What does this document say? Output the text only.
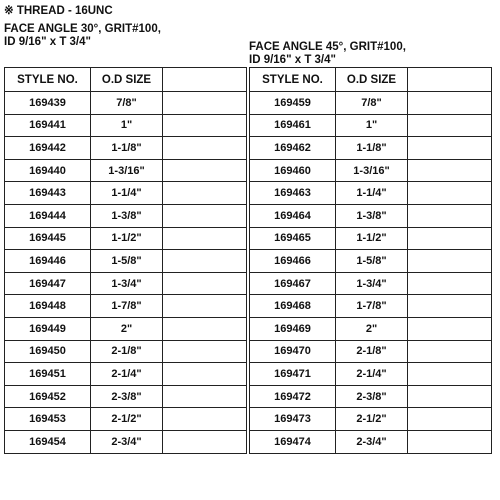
※ THREAD - 16UNC
FACE ANGLE 30°, GRIT#100,
ID 9/16" x T 3/4"	FACE ANGLE 45°, GRIT#100,
ID 9/16" x T 3/4"
STYLE NO.	O.D SIZE	
169439	7/8"	
169441	1"	
169442	1-1/8"	
169440	1-3/16"	
169443	1-1/4"	
169444	1-3/8"	
169445	1-1/2"	
169446	1-5/8"	
169447	1-3/4"	
169448	1-7/8"	
169449	2"	
169450	2-1/8"	
169451	2-1/4"	
169452	2-3/8"	
169453	2-1/2"	
169454	2-3/4"	
STYLE NO.	O.D SIZE	
169459	7/8"	
169461	1"	
169462	1-1/8"	
169460	1-3/16"	
169463	1-1/4"	
169464	1-3/8"	
169465	1-1/2"	
169466	1-5/8"	
169467	1-3/4"	
169468	1-7/8"	
169469	2"	
169470	2-1/8"	
169471	2-1/4"	
169472	2-3/8"	
169473	2-1/2"	
169474	2-3/4"	
